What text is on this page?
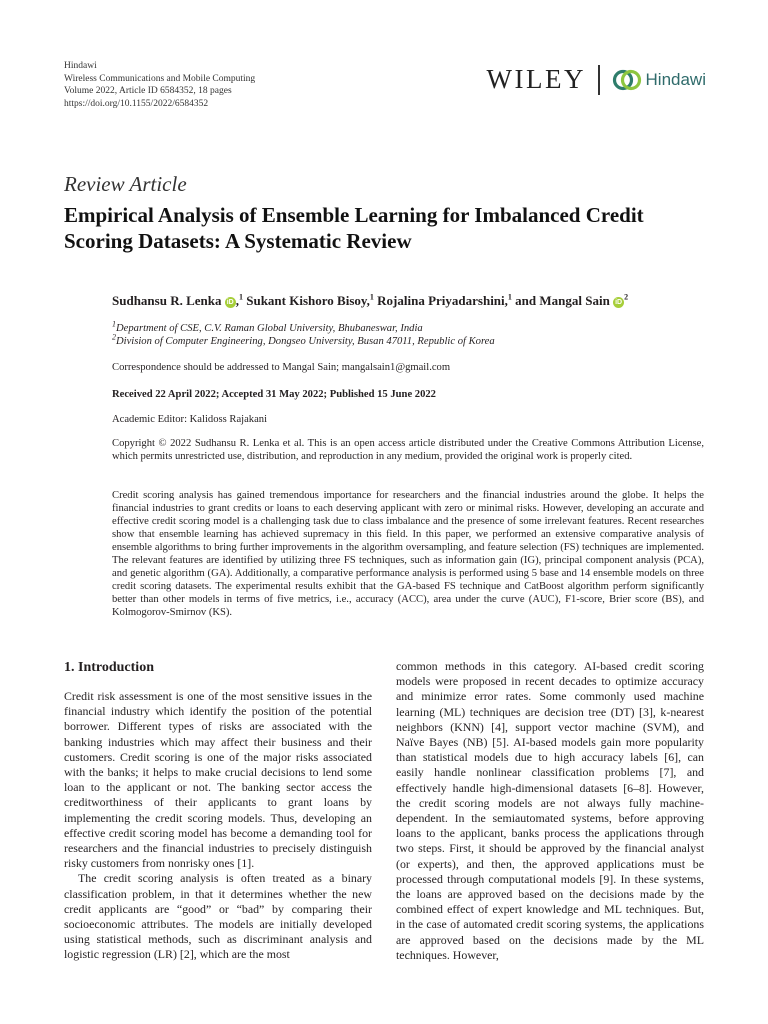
Hindawi
Wireless Communications and Mobile Computing
Volume 2022, Article ID 6584352, 18 pages
https://doi.org/10.1155/2022/6584352
WILEY	Hindawi
Review Article
Empirical Analysis of Ensemble Learning for Imbalanced Credit Scoring Datasets: A Systematic Review
Sudhansu R. Lenka iD ,$^1$ Sukant Kishoro Bisoy,$^1$ Rojalina Priyadarshini,$^1$ and Mangal Sain $iD^2$
$^1$Department of CSE, C.V. Raman Global University, Bhubaneswar, India
$^2$Division of Computer Engineering, Dongseo University, Busan 47011, Republic of Korea
Correspondence should be addressed to Mangal Sain; mangalsain1@gmail.com
Received 22 April 2022; Accepted 31 May 2022; Published 15 June 2022
Academic Editor: Kalidoss Rajakani
Copyright © 2022 Sudhansu R. Lenka et al. This is an open access article distributed under the Creative Commons Attribution License, which permits unrestricted use, distribution, and reproduction in any medium, provided the original work is properly cited.
Credit scoring analysis has gained tremendous importance for researchers and the financial industries around the globe. It helps the financial industries to grant credits or loans to each deserving applicant with zero or minimal risks. However, developing an accurate and effective credit scoring model is a challenging task due to class imbalance and the presence of some irrelevant features. Recent researches show that ensemble learning has achieved supremacy in this field. In this paper, we performed an extensive comparative analysis of ensemble algorithms to bring further improvements in the algorithm oversampling, and feature selection (FS) techniques are implemented. The relevant features are identified by utilizing three FS techniques, such as information gain (IG), principal component analysis (PCA), and genetic algorithm (GA). Additionally, a comparative performance analysis is performed using 5 base and 14 ensemble models on three credit scoring datasets. The experimental results exhibit that the GA-based FS technique and CatBoost algorithm perform significantly better than other models in terms of five metrics, i.e., accuracy (ACC), area under the curve (AUC), F1-score, Brier score (BS), and Kolmogorov-Smirnov (KS).
1. Introduction

Credit risk assessment is one of the most sensitive issues in the financial industry which identify the position of the potential borrower. Different types of risks are associated with the banking industries which may affect their business and their customers. Credit scoring is one of the major risks associated with the banks; it helps to make crucial decisions to lend some loan to the applicant or not. The banking sector access the creditworthiness of their applicants to grant loans by implementing the credit scoring models. Thus, developing an effective credit scoring model has become a demanding tool for researchers and the financial industries to precisely distinguish risky customers from nonrisky ones [1].

The credit scoring analysis is often treated as a binary classification problem, in that it determines whether the new credit applicants are “good” or “bad” by comparing their socioeconomic attributes. The models are initially developed using statistical methods, such as discriminant analysis and logistic regression (LR) [2], which are the most

common methods in this category. AI-based credit scoring models were proposed in recent decades to optimize accuracy and minimize error rates. Some commonly used machine learning (ML) techniques are decision tree (DT) [3], k-nearest neighbors (KNN) [4], support vector machine (SVM), and Naïve Bayes (NB) [5]. AI-based models gain more popularity than statistical models due to high accuracy labels [6], can easily handle nonlinear classification problems [7], and effectively handle high-dimensional datasets [6–8]. However, the credit scoring models are not always fully machine-dependent. In the semiautomated systems, before approving loans to the applicant, banks process the applications through two steps. First, it should be approved by the financial analyst (or experts), and then, the approved applications must be processed through computational models [9]. In these systems, the loans are approved based on the decisions made by the combined effect of expert knowledge and ML techniques. But, in the case of automated credit scoring systems, the applications are approved based on the decisions made by the ML techniques. However,
